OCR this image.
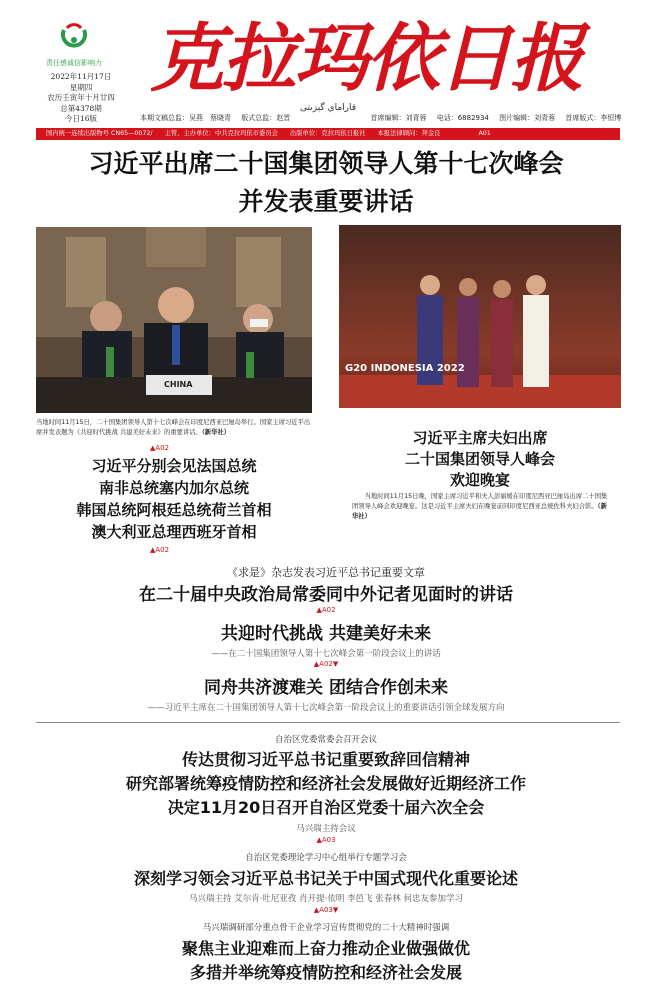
责任感诚信影响力
2022年11月17日
星期四
农历壬寅年十月廿四
总第4378期
今日16版
克拉玛依日报
قاراماي گېزىتى
本期文稿总监：吴燕　蔡晓青 版式总监：赵晋	首席编辑：刘青蓉 电话：6882934 图片编辑：刘青蓉 首席版式：李恒博
国内统一连续出版物号 CN65—0072/ 主管、主办单位：中共克拉玛依市委员会 出版单位：克拉玛依日报社 本报法律顾问：拜金良	A01
习近平出席二十国集团领导人第十七次峰会
并发表重要讲话
CHINA
当地时间11月15日，二十国集团领导人第十七次峰会在印度尼西亚巴厘岛举行。国家主席习近平出席并发表题为《共迎时代挑战 共建美好未来》的重要讲话。（新华社）
▲A02
习近平分别会见法国总统
南非总统塞内加尔总统
韩国总统阿根廷总统荷兰首相
澳大利亚总理西班牙首相
▲A02
G20 INDONESIA 2022
习近平主席夫妇出席
二十国集团领导人峰会
欢迎晚宴
当地时间11月15日晚，国家主席习近平和夫人彭丽媛在印度尼西亚巴厘岛出席二十国集团领导人峰会欢迎晚宴。这是习近平主席夫妇在晚宴前同印度尼西亚总统佐科夫妇合影。（新华社）
《求是》杂志发表习近平总书记重要文章
在二十届中央政治局常委同中外记者见面时的讲话
▲A02
共迎时代挑战 共建美好未来
——在二十国集团领导人第十七次峰会第一阶段会议上的讲话
▲A02▼
同舟共济渡难关 团结合作创未来
——习近平主席在二十国集团领导人第十七次峰会第一阶段会议上的重要讲话引领全球发展方向
自治区党委常委会召开会议
传达贯彻习近平总书记重要致辞回信精神
研究部署统筹疫情防控和经济社会发展做好近期经济工作
决定11月20日召开自治区党委十届六次全会
马兴瑞主持会议
▲A03
自治区党委理论学习中心组举行专题学习会
深刻学习领会习近平总书记关于中国式现代化重要论述
马兴瑞主持 艾尔肯·吐尼亚孜 肖开提·依明 李邑飞 张春林 何忠友参加学习
▲A03▼
马兴瑞调研部分重点骨干企业学习宣传贯彻党的二十大精神时强调
聚焦主业迎难而上奋力推动企业做强做优
多措并举统筹疫情防控和经济社会发展
